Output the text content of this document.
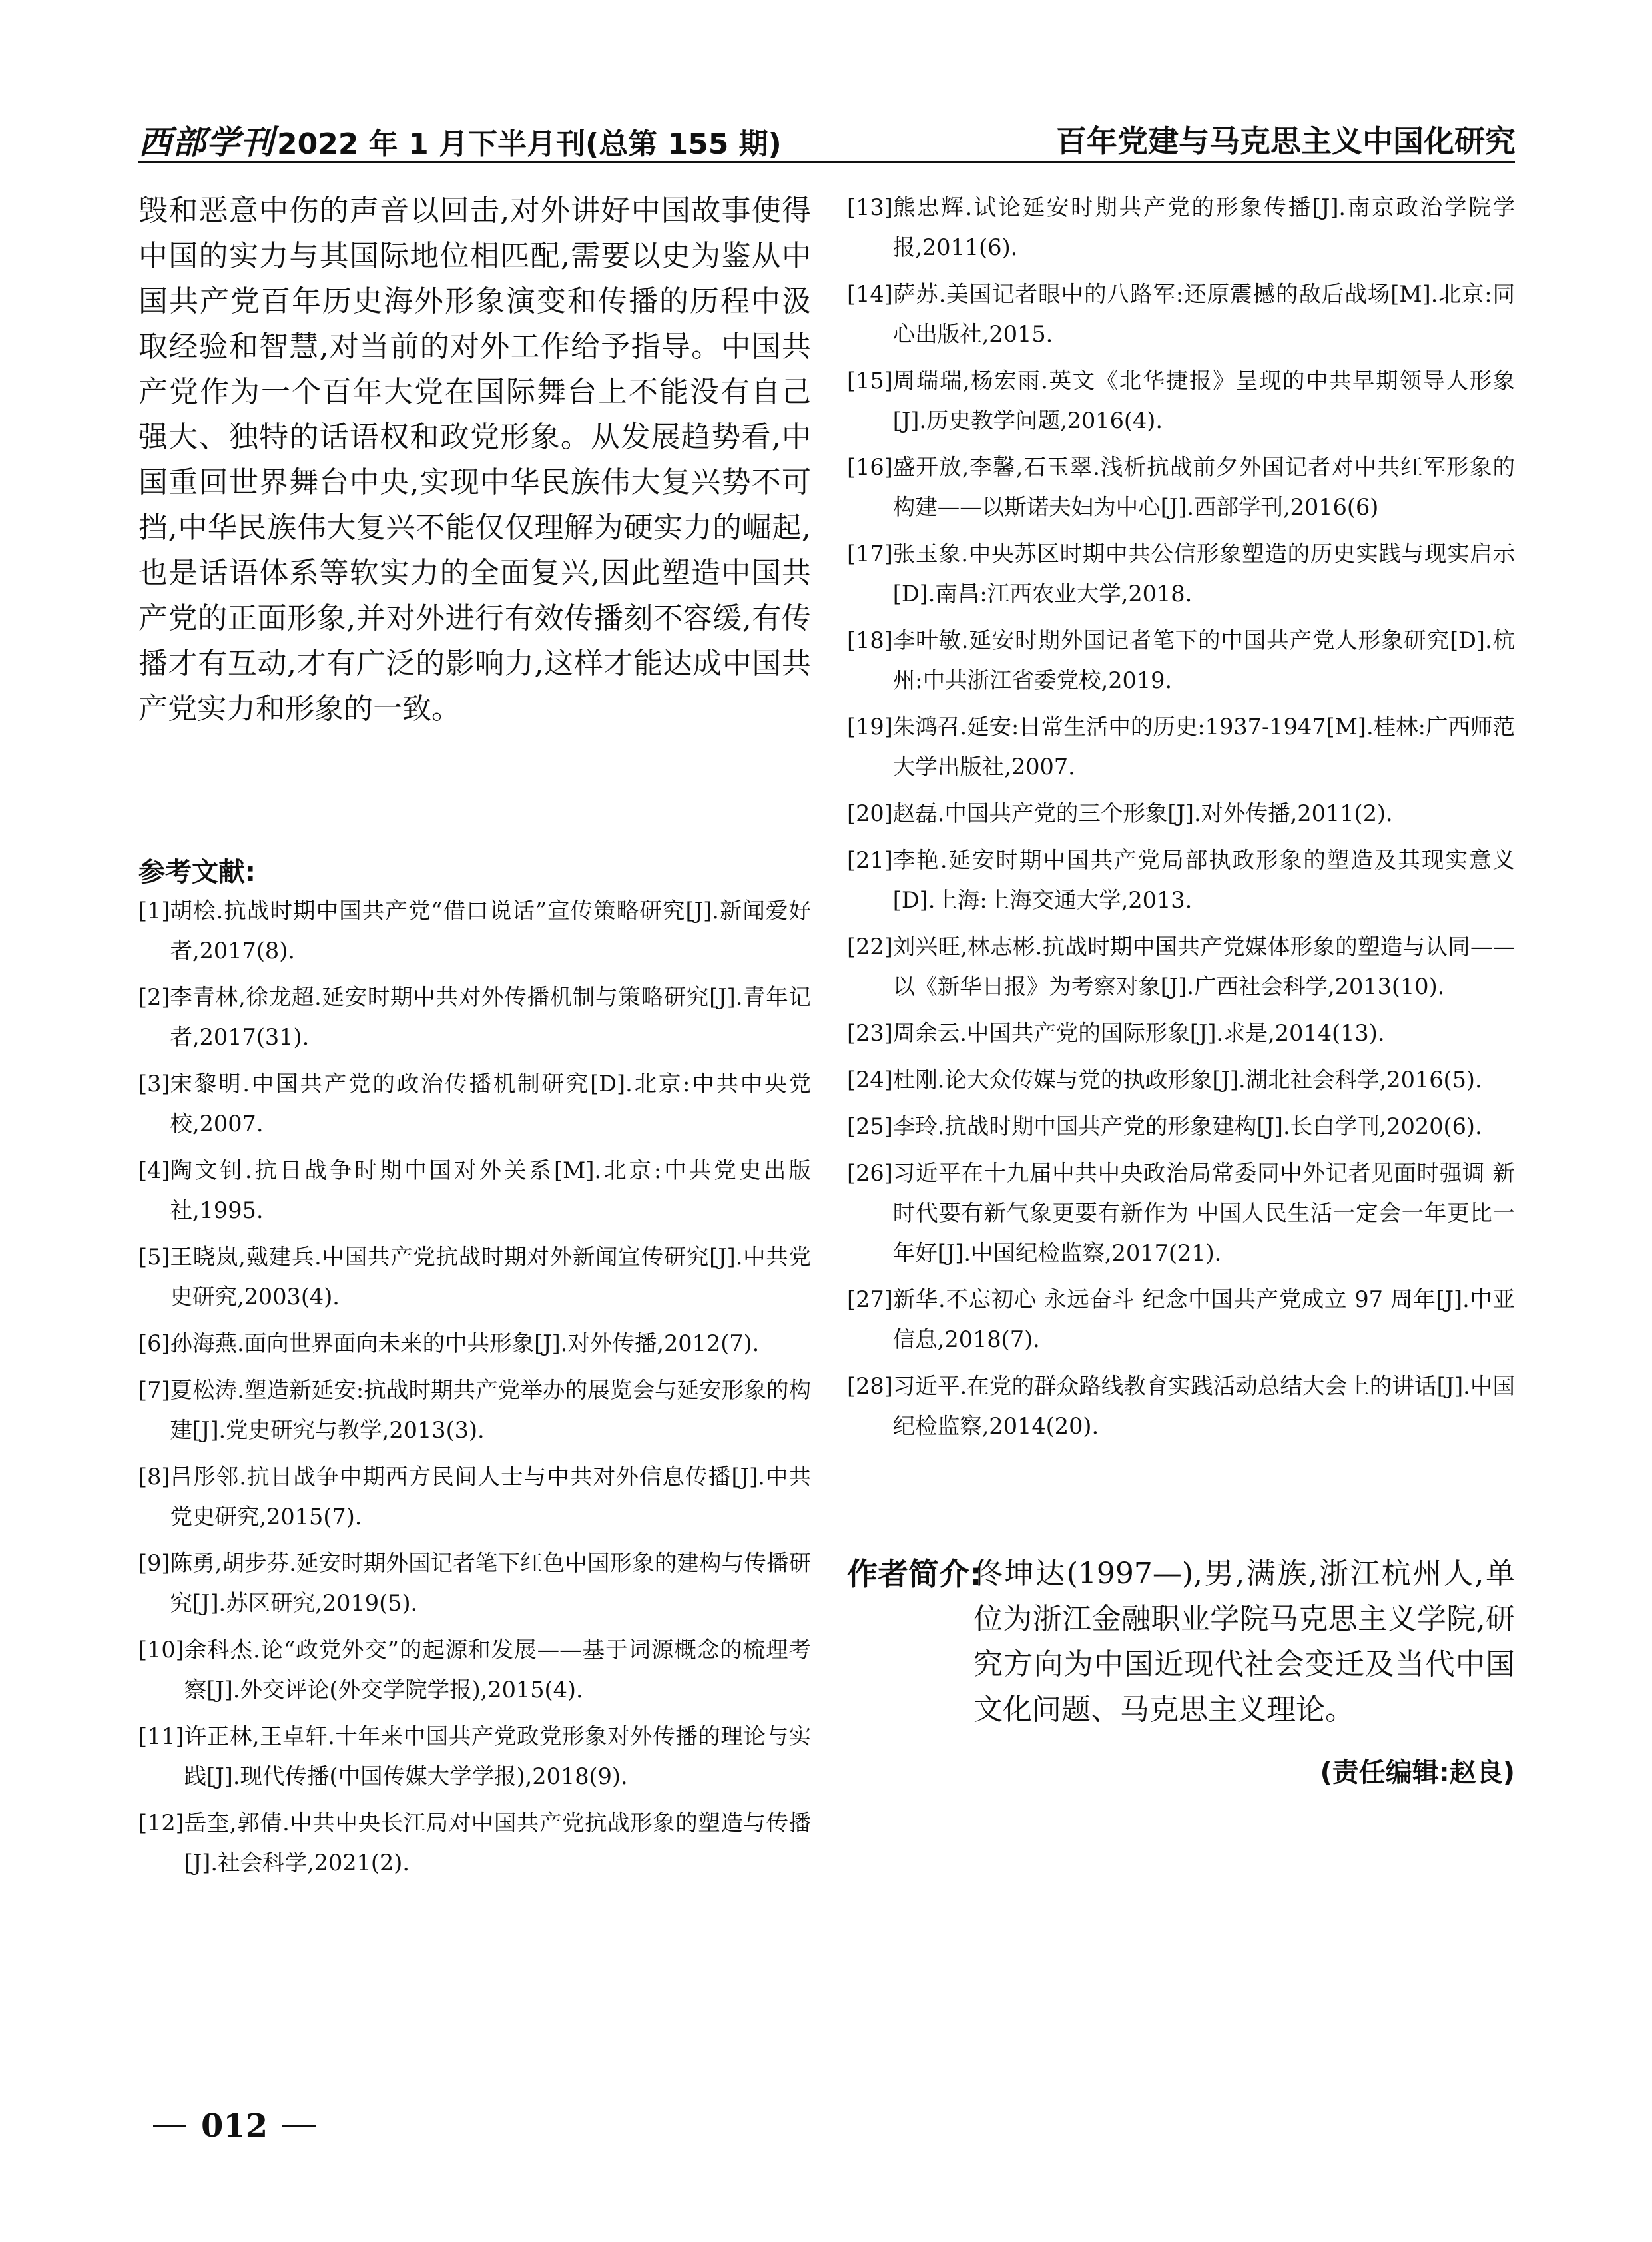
西部学刊 2022 年 1 月下半月刊(总第 155 期)	百年党建与马克思主义中国化研究
毁和恶意中伤的声音以回击,对外讲好中国故事使得中国的实力与其国际地位相匹配,需要以史为鉴从中国共产党百年历史海外形象演变和传播的历程中汲取经验和智慧,对当前的对外工作给予指导。中国共产党作为一个百年大党在国际舞台上不能没有自己强大、独特的话语权和政党形象。从发展趋势看,中国重回世界舞台中央,实现中华民族伟大复兴势不可挡,中华民族伟大复兴不能仅仅理解为硬实力的崛起,也是话语体系等软实力的全面复兴,因此塑造中国共产党的正面形象,并对外进行有效传播刻不容缓,有传播才有互动,才有广泛的影响力,这样才能达成中国共产党实力和形象的一致。
参考文献:
[1] 胡桧.抗战时期中国共产党“借口说话”宣传策略研究[J].新闻爱好者,2017(8).
[2] 李青林,徐龙超.延安时期中共对外传播机制与策略研究[J].青年记者,2017(31).
[3] 宋黎明.中国共产党的政治传播机制研究[D].北京:中共中央党校,2007.
[4] 陶文钊.抗日战争时期中国对外关系[M].北京:中共党史出版社,1995.
[5] 王晓岚,戴建兵.中国共产党抗战时期对外新闻宣传研究[J].中共党史研究,2003(4).
[6] 孙海燕.面向世界面向未来的中共形象[J].对外传播,2012(7).
[7] 夏松涛.塑造新延安:抗战时期共产党举办的展览会与延安形象的构建[J].党史研究与教学,2013(3).
[8] 吕彤邻.抗日战争中期西方民间人士与中共对外信息传播[J].中共党史研究,2015(7).
[9] 陈勇,胡步芬.延安时期外国记者笔下红色中国形象的建构与传播研究[J].苏区研究,2019(5).
[10] 余科杰.论“政党外交”的起源和发展——基于词源概念的梳理考察[J].外交评论(外交学院学报),2015(4).
[11] 许正林,王卓轩.十年来中国共产党政党形象对外传播的理论与实践[J].现代传播(中国传媒大学学报),2018(9).
[12] 岳奎,郭倩.中共中央长江局对中国共产党抗战形象的塑造与传播[J].社会科学,2021(2).
[13] 熊忠辉.试论延安时期共产党的形象传播[J].南京政治学院学报,2011(6).
[14] 萨苏.美国记者眼中的八路军:还原震撼的敌后战场[M].北京:同心出版社,2015.
[15] 周瑞瑞,杨宏雨.英文《北华捷报》呈现的中共早期领导人形象[J].历史教学问题,2016(4).
[16] 盛开放,李馨,石玉翠.浅析抗战前夕外国记者对中共红军形象的构建——以斯诺夫妇为中心[J].西部学刊,2016(6)
[17] 张玉象.中央苏区时期中共公信形象塑造的历史实践与现实启示[D].南昌:江西农业大学,2018.
[18] 李叶敏.延安时期外国记者笔下的中国共产党人形象研究[D].杭州:中共浙江省委党校,2019.
[19] 朱鸿召.延安:日常生活中的历史:1937-1947[M].桂林:广西师范大学出版社,2007.
[20] 赵磊.中国共产党的三个形象[J].对外传播,2011(2).
[21] 李艳.延安时期中国共产党局部执政形象的塑造及其现实意义[D].上海:上海交通大学,2013.
[22] 刘兴旺,林志彬.抗战时期中国共产党媒体形象的塑造与认同——以《新华日报》为考察对象[J].广西社会科学,2013(10).
[23] 周余云.中国共产党的国际形象[J].求是,2014(13).
[24] 杜刚.论大众传媒与党的执政形象[J].湖北社会科学,2016(5).
[25] 李玲.抗战时期中国共产党的形象建构[J].长白学刊,2020(6).
[26] 习近平在十九届中共中央政治局常委同中外记者见面时强调 新时代要有新气象更要有新作为 中国人民生活一定会一年更比一年好[J].中国纪检监察,2017(21).
[27] 新华.不忘初心 永远奋斗 纪念中国共产党成立 97 周年[J].中亚信息,2018(7).
[28] 习近平.在党的群众路线教育实践活动总结大会上的讲话[J].中国纪检监察,2014(20).
作者简介:
佟坤达(1997—),男,满族,浙江杭州人,单位为浙江金融职业学院马克思主义学院,研究方向为中国近现代社会变迁及当代中国文化问题、马克思主义理论。
(责任编辑:赵良)
012
